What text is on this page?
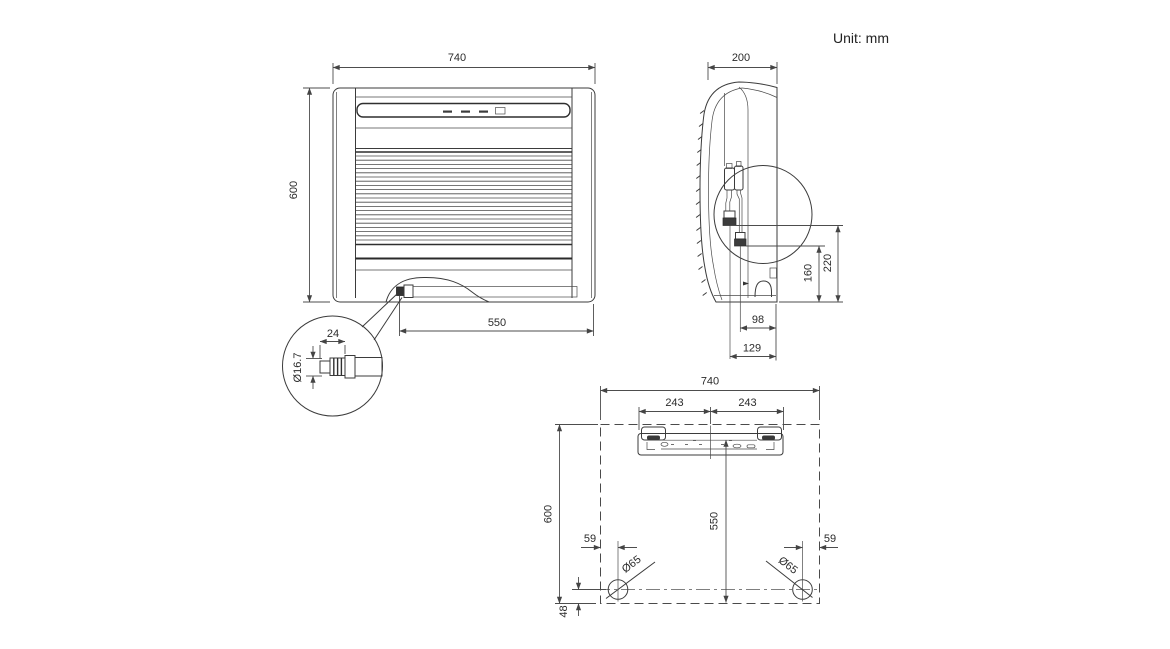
740
600
550
24
Ø16.7
200
220
160
98
129
740
243	243
600	550
59	59
Ø65	Ø65
48
Unit: mm
